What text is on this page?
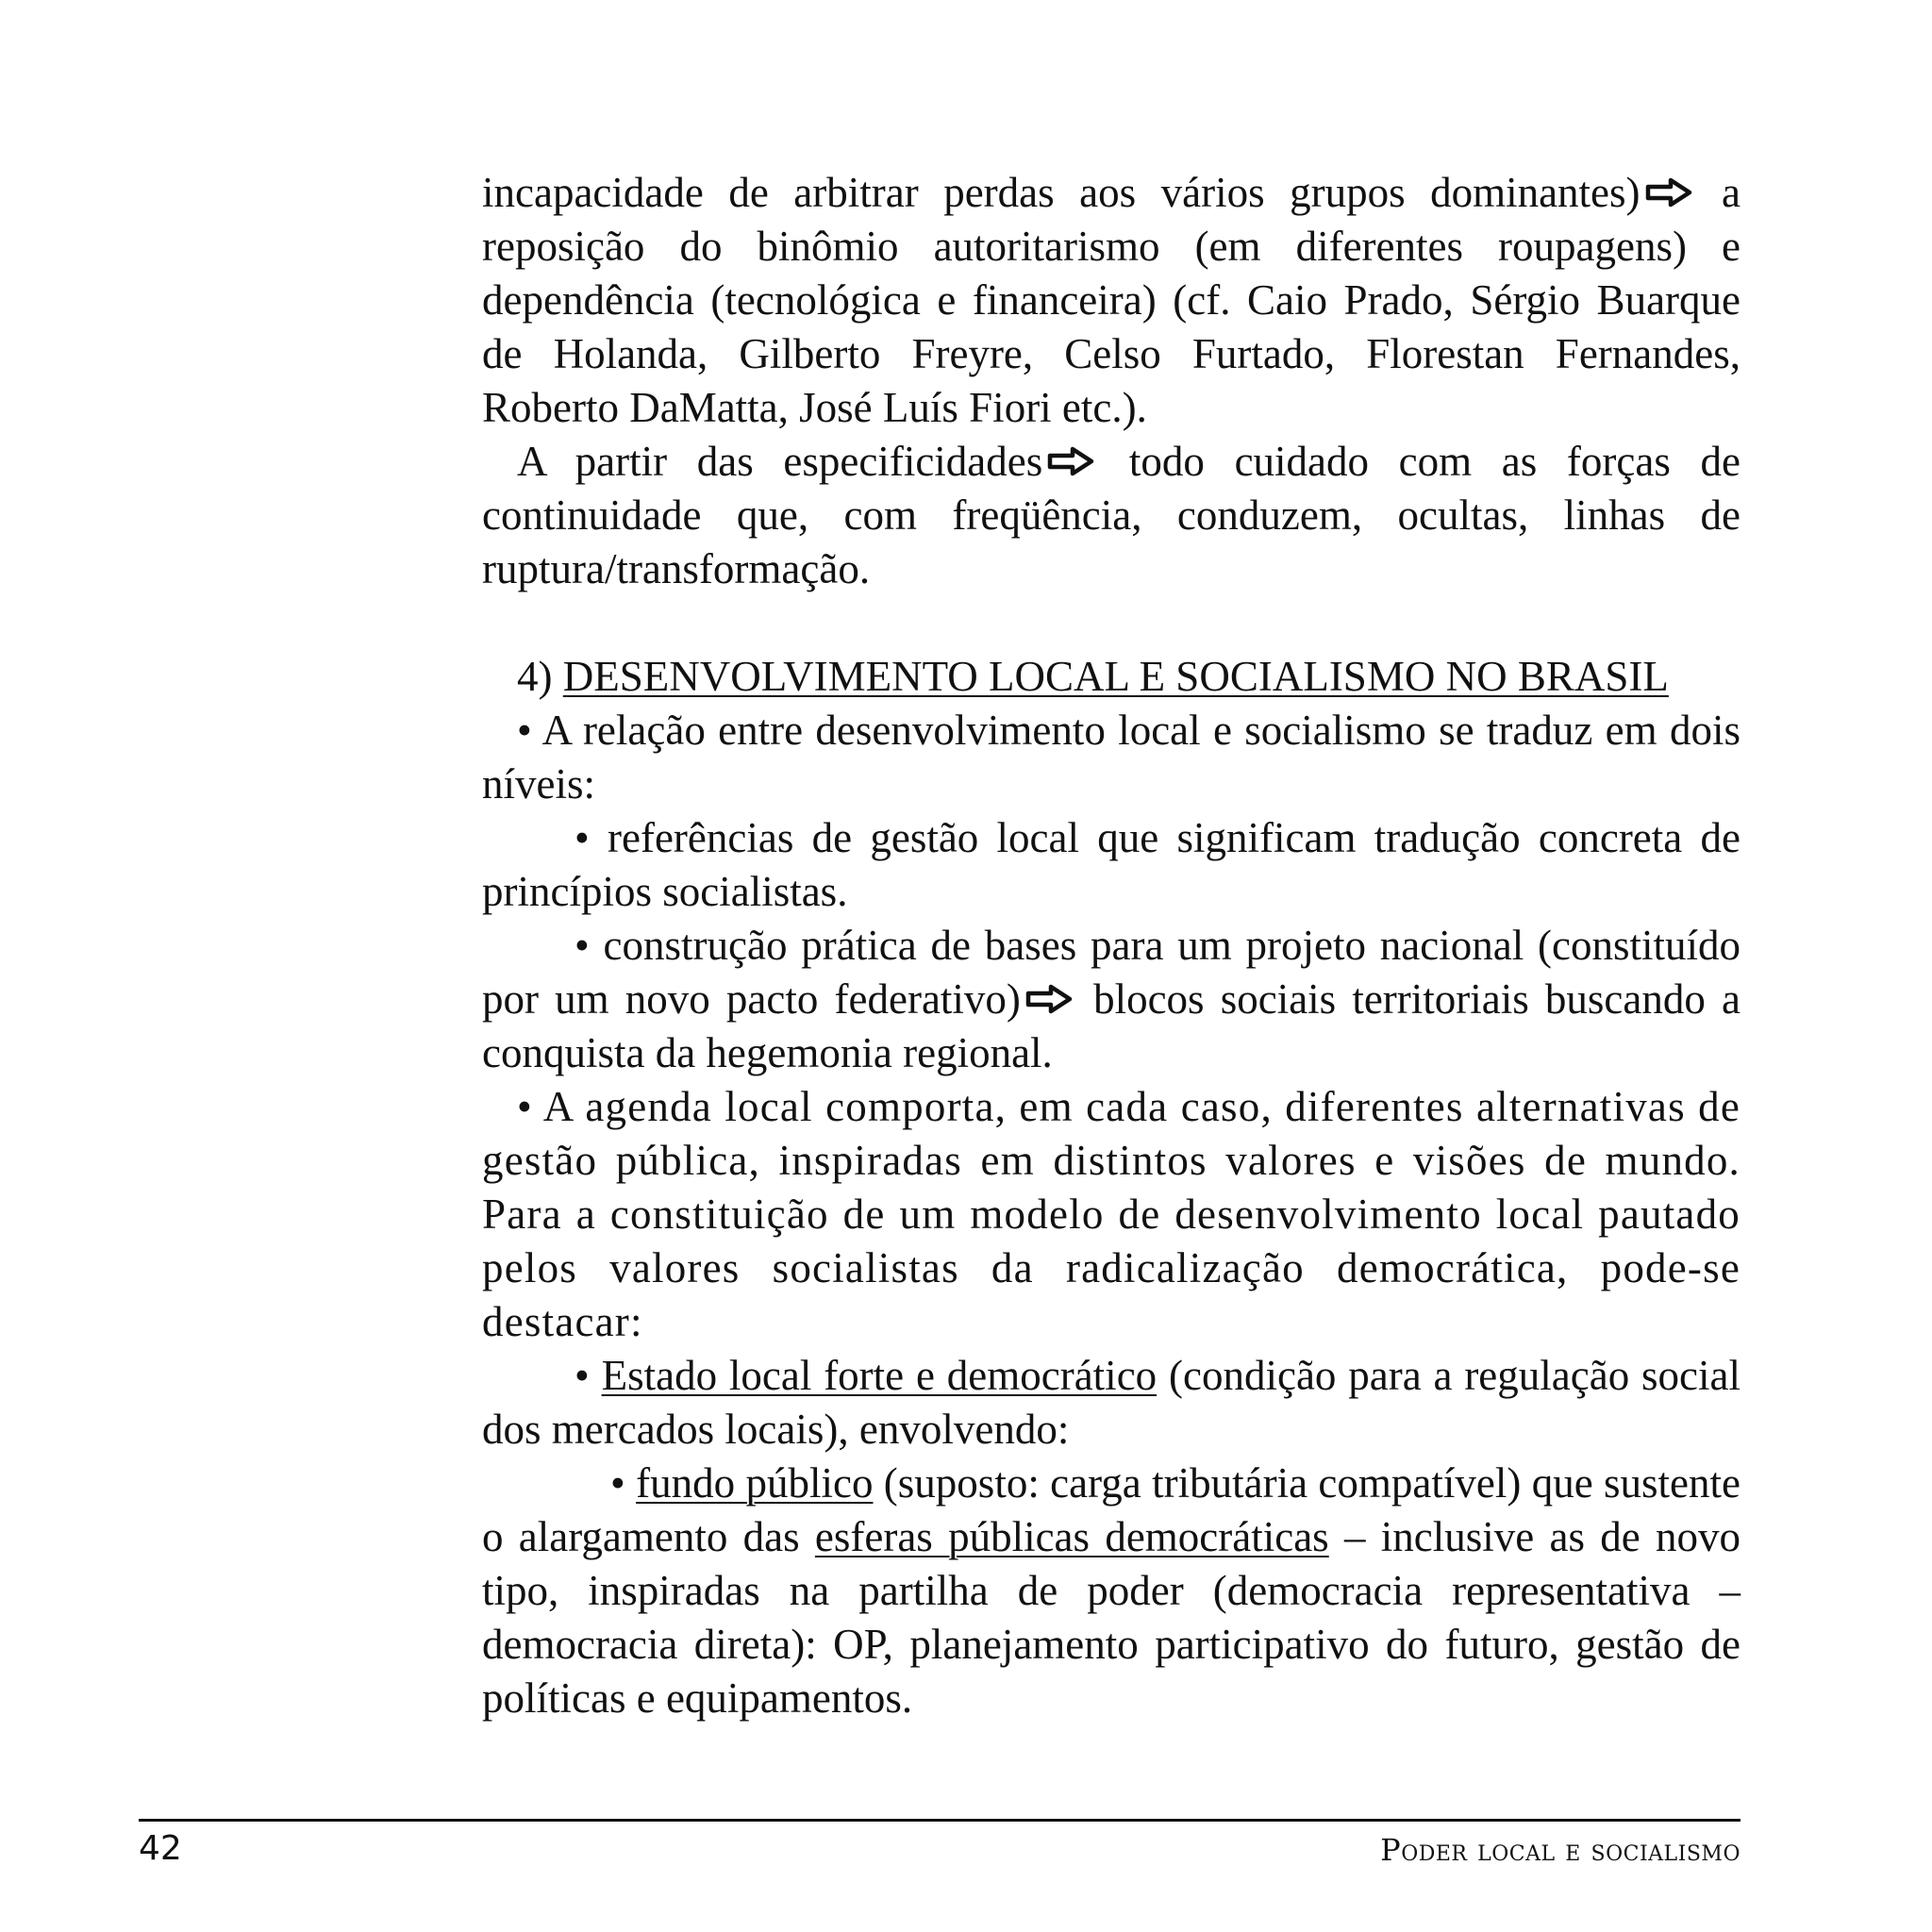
incapacidade de arbitrar perdas aos vários grupos dominantes) a reposição do binômio autoritarismo (em diferentes roupagens) e dependência (tecnológica e financeira) (cf. Caio Prado, Sérgio Buarque de Holanda, Gilberto Freyre, Celso Furtado, Florestan Fernandes, Roberto DaMatta, José Luís Fiori etc.).

A partir das especificidades todo cuidado com as forças de continuidade que, com freqüência, conduzem, ocultas, linhas de ruptura/transformação.

4) DESENVOLVIMENTO LOCAL E SOCIALISMO NO BRASIL

• A relação entre desenvolvimento local e socialismo se traduz em dois níveis:

• referências de gestão local que significam tradução concreta de princípios socialistas.

• construção prática de bases para um projeto nacional (constituído por um novo pacto federativo) blocos sociais territoriais buscando a conquista da hegemonia regional.

• A agenda local comporta, em cada caso, diferentes alternativas de gestão pública, inspiradas em distintos valores e visões de mundo. Para a constituição de um modelo de desenvolvimento local pautado pelos valores socialistas da radicalização democrática, pode-se destacar:

• Estado local forte e democrático (condição para a regulação social dos mercados locais), envolvendo:

• fundo público (suposto: carga tributária compatível) que sustente o alargamento das esferas públicas democráticas – inclusive as de novo tipo, inspiradas na partilha de poder (democracia representativa – democracia direta): OP, planejamento participativo do futuro, gestão de políticas e equipamentos.

42	Poder local e socialismo
